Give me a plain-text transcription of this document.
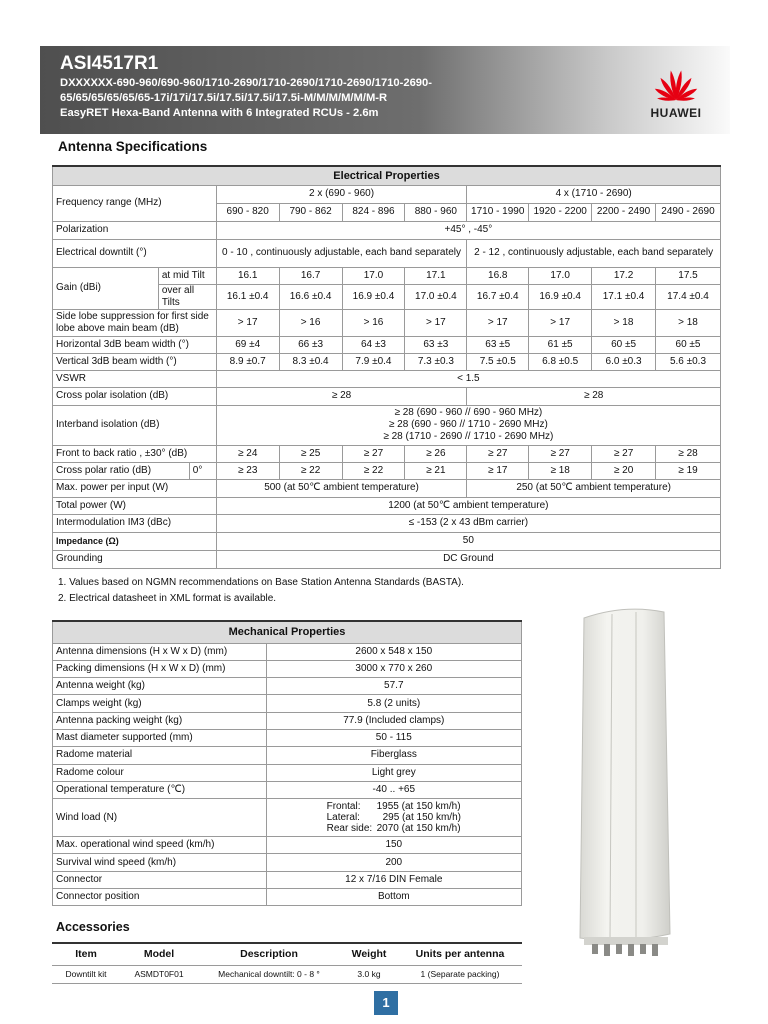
ASI4517R1
DXXXXXX-690-960/690-960/1710-2690/1710-2690/1710-2690/1710-2690-
65/65/65/65/65/65-17i/17i/17.5i/17.5i/17.5i/17.5i-M/M/M/M/M/M-R
EasyRET Hexa-Band Antenna with 6 Integrated RCUs - 2.6m	HUAWEI
Antenna Specifications
Electrical Properties										
Frequency range (MHz)			2 x (690 - 960)				4 x (1710 - 2690)			
			690 - 820	790 - 862	824 - 896	880 - 960	1710 - 1990	1920 - 2200	2200 - 2490	2490 - 2690
Polarization			+45° , -45°							
Electrical downtilt (°)			0 - 10 , continuously adjustable, each band separately				2 - 12 , continuously adjustable, each band separately			
Gain (dBi)	at mid Tilt		16.1	16.7	17.0	17.1	16.8	17.0	17.2	17.5
	over all Tilts		16.1 ±0.4	16.6 ±0.4	16.9 ±0.4	17.0 ±0.4	16.7 ±0.4	16.9 ±0.4	17.1 ±0.4	17.4 ±0.4
Side lobe suppression for first side lobe above main beam (dB)			> 17	> 16	> 16	> 17	> 17	> 17	> 18	> 18
Horizontal 3dB beam width (°)			69 ±4	66 ±3	64 ±3	63 ±3	63 ±5	61 ±5	60 ±5	60 ±5
Vertical 3dB beam width (°)			8.9 ±0.7	8.3 ±0.4	7.9 ±0.4	7.3 ±0.3	7.5 ±0.5	6.8 ±0.5	6.0 ±0.3	5.6 ±0.3
VSWR			< 1.5							
Cross polar isolation (dB)			≥ 28				≥ 28			
Interband isolation (dB)			≥ 28 (690 - 960 // 690 - 960 MHz)
≥ 28 (690 - 960 // 1710 - 2690 MHz)
≥ 28 (1710 - 2690 // 1710 - 2690 MHz)							

Front to back ratio , ±30° (dB)			≥ 24	≥ 25	≥ 27	≥ 26	≥ 27	≥ 27	≥ 27	≥ 28
Cross polar ratio (dB)		0°	≥ 23	≥ 22	≥ 22	≥ 21	≥ 17	≥ 18	≥ 20	≥ 19
Max. power per input (W)			500 (at 50℃ ambient temperature)				250 (at 50℃ ambient temperature)			
Total power (W)			1200 (at 50℃ ambient temperature)							
Intermodulation IM3 (dBc)			≤ -153 (2 x 43 dBm carrier)							
Impedance (Ω)			50							
Grounding			DC Ground							
1. Values based on NGMN recommendations on Base Station Antenna Standards (BASTA).
2. Electrical datasheet in XML format is available.
Mechanical Properties	
Antenna dimensions (H x W x D) (mm)	2600 x 548 x 150
Packing dimensions (H x W x D) (mm)	3000 x 770 x 260
Antenna weight (kg)	57.7
Clamps weight (kg)	5.8 (2 units)
Antenna packing weight (kg)	77.9 (Included clamps)
Mast diameter supported (mm)	50 - 115
Radome material	Fiberglass
Radome colour	Light grey
Operational temperature (℃)	-40 .. +65
Wind load (N)	Frontal: 1955 (at 150 km/h)
Lateral: 295 (at 150 km/h)
Rear side: 2070 (at 150 km/h)

Max. operational wind speed (km/h)	150
Survival wind speed (km/h)	200
Connector	12 x 7/16 DIN Female
Connector position	Bottom
Accessories
Item	Model	Description	Weight	Units per antenna
Downtilt kit	ASMDT0F01	Mechanical downtilt: 0 - 8 °	3.0 kg	1 (Separate packing)
1
